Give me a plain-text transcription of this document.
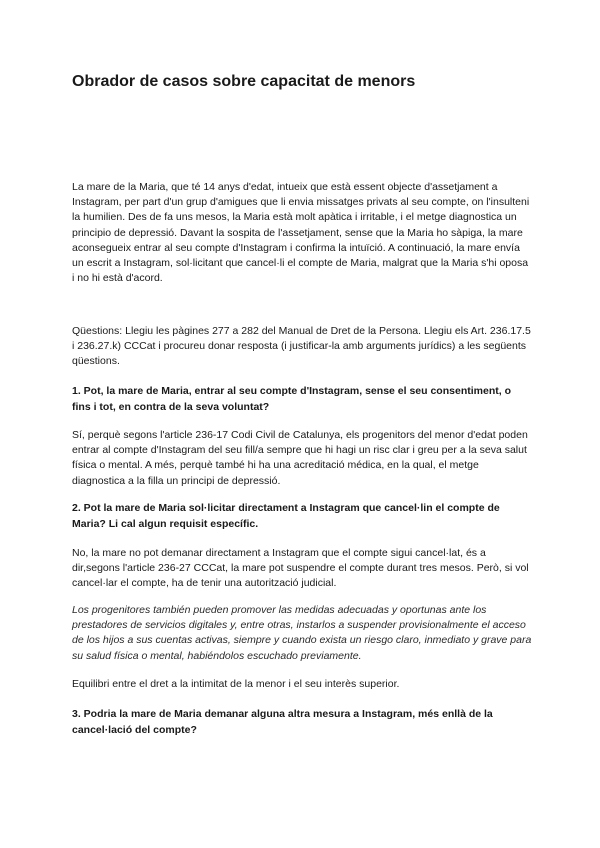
Obrador de casos sobre capacitat de menors

La mare de la Maria, que té 14 anys d'edat, intueix que està essent objecte d'assetjament a Instagram, per part d'un grup d'amigues que li envia missatges privats al seu compte, on l'insulteni la humilien. Des de fa uns mesos, la Maria està molt apàtica i irritable, i el metge diagnostica un principio de depressió. Davant la sospita de l'assetjament, sense que la Maria ho sàpiga, la mare aconsegueix entrar al seu compte d'Instagram i confirma la intuïció. A continuació, la mare envía un escrit a Instagram, sol·licitant que cancel·li el compte de Maria, malgrat que la Maria s'hi oposa i no hi està d'acord.

Qüestions: Llegiu les pàgines 277 a 282 del Manual de Dret de la Persona. Llegiu els Art. 236.17.5 i 236.27.k) CCCat i procureu donar resposta (i justificar-la amb arguments jurídics) a les següents qüestions.

1. Pot, la mare de Maria, entrar al seu compte d'Instagram, sense el seu consentiment, o fins i tot, en contra de la seva voluntat?

Sí, perquè segons l'article 236-17 Codi Civil de Catalunya, els progenitors del menor d'edat poden entrar al compte d'Instagram del seu fill/a sempre que hi hagi un risc clar i greu per a la seva salut física o mental. A més, perquè també hi ha una acreditació médica, en la qual, el metge diagnostica a la filla un principi de depressió.

2. Pot la mare de Maria sol·licitar directament a Instagram que cancel·lin el compte de Maria? Li cal algun requisit específic.

No, la mare no pot demanar directament a Instagram que el compte sigui cancel·lat, és a dir,segons l'article 236-27 CCCat, la mare pot suspendre el compte durant tres mesos. Però, si vol cancel·lar el compte, ha de tenir una autorització judicial.

Los progenitores también pueden promover las medidas adecuadas y oportunas ante los prestadores de servicios digitales y, entre otras, instarlos a suspender provisionalmente el acceso de los hijos a sus cuentas activas, siempre y cuando exista un riesgo claro, inmediato y grave para su salud física o mental, habiéndolos escuchado previamente.

Equilibri entre el dret a la intimitat de la menor i el seu interès superior.

3. Podria la mare de Maria demanar alguna altra mesura a Instagram, més enllà de la cancel·lació del compte?
